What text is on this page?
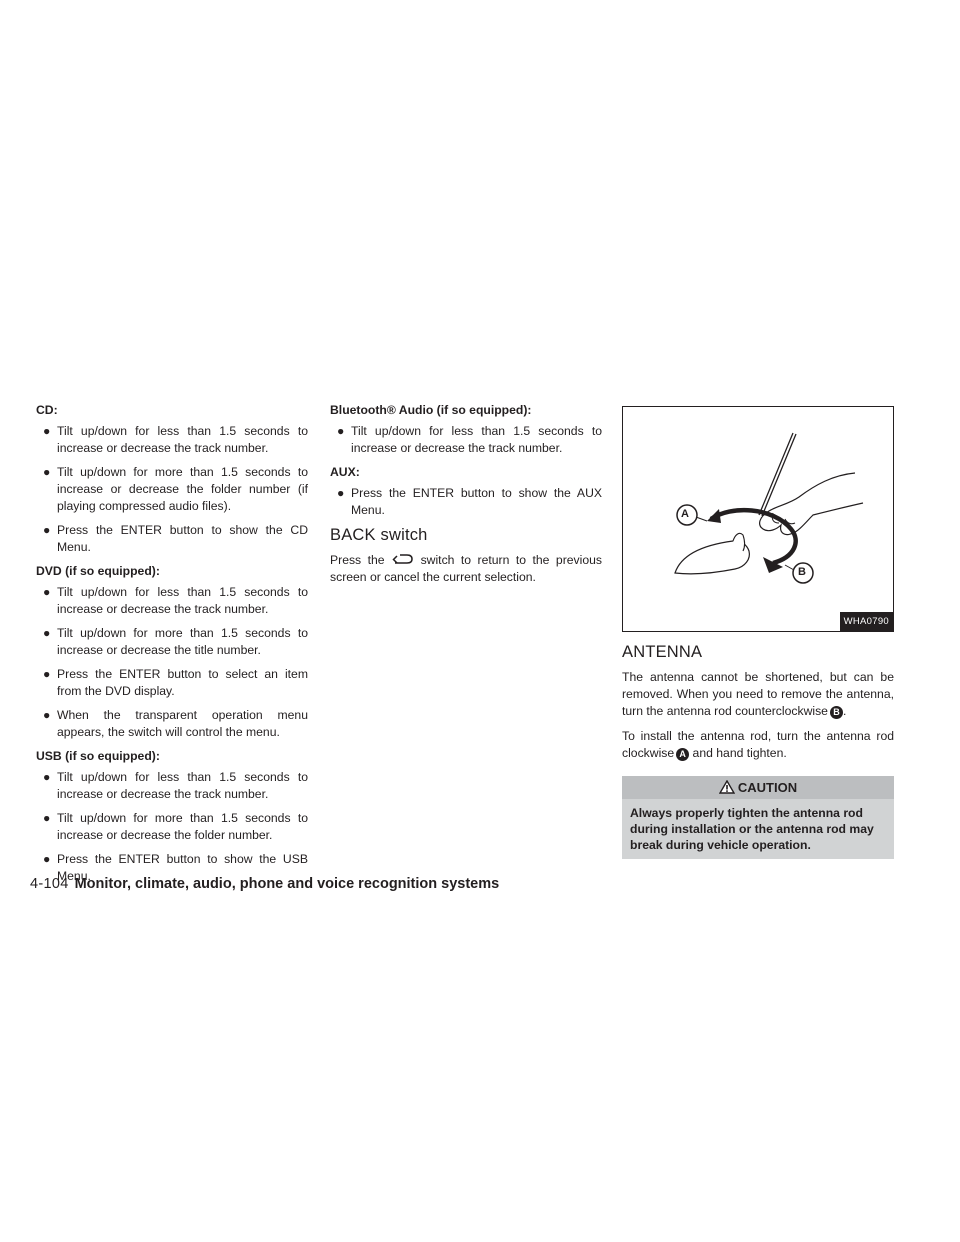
CD:
● Tilt up/down for less than 1.5 seconds to increase or decrease the track number.
● Tilt up/down for more than 1.5 seconds to increase or decrease the folder number (if playing compressed audio files).
● Press the ENTER button to show the CD Menu.
DVD (if so equipped):
● Tilt up/down for less than 1.5 seconds to increase or decrease the track number.
● Tilt up/down for more than 1.5 seconds to increase or decrease the title number.
● Press the ENTER button to select an item from the DVD display.
● When the transparent operation menu appears, the switch will control the menu.
USB (if so equipped):
● Tilt up/down for less than 1.5 seconds to increase or decrease the track number.
● Tilt up/down for more than 1.5 seconds to increase or decrease the folder number.
● Press the ENTER button to show the USB Menu.
Bluetooth® Audio (if so equipped):
● Tilt up/down for less than 1.5 seconds to increase or decrease the track number.
AUX:
● Press the ENTER button to show the AUX Menu.
BACK switch

Press the	switch to return to the previous screen or cancel the current selection.

A
B
WHA0790
ANTENNA

The antenna cannot be shortened, but can be removed. When you need to remove the antenna, turn the antenna rod counterclockwise B .

To install the antenna rod, turn the antenna rod clockwise A and hand tighten.

CAUTION
Always properly tighten the antenna rod during installation or the antenna rod may break during vehicle operation.
4-104 Monitor, climate, audio, phone and voice recognition systems
